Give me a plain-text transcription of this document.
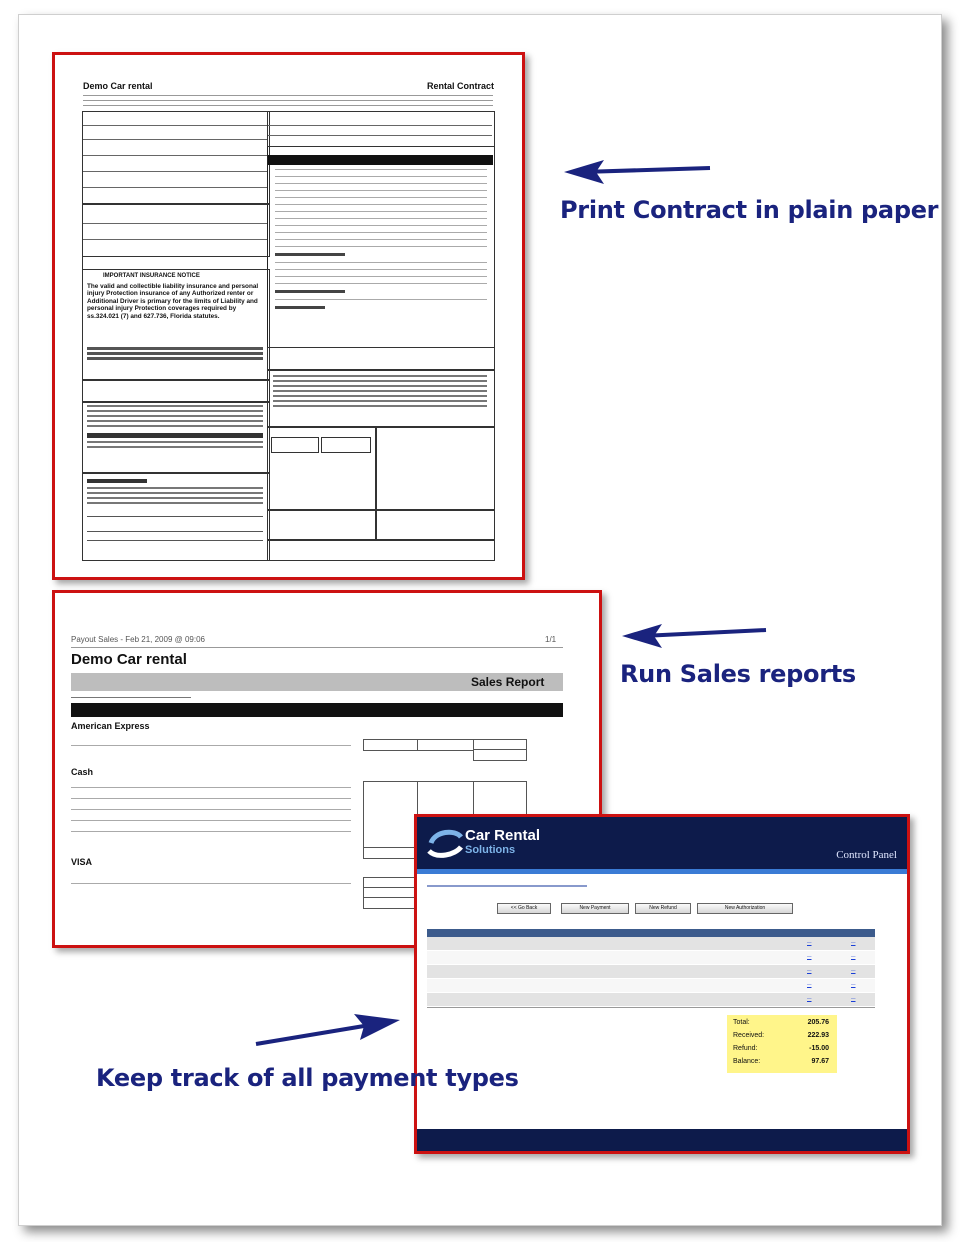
Demo Car rental	Rental Contract
IMPORTANT INSURANCE NOTICE
The valid and collectible liability insurance and personal injury Protection insurance of any Authorized renter or Additional Driver is primary for the limits of Liability and personal injury Protection coverages required by ss.324.021 (7) and 627.736, Florida statutes.
Payout Sales - Feb 21, 2009 @ 09:06	1/1
Demo Car rental
Sales Report
American Express
Cash
VISA
Car Rental
Solutions	Control Panel
<< Go Back	New Payment	New Refund	New Authorization
—	—
—	—
—	—
—	—
—	—
Total:	205.76
Received:	222.93
Refund:	-15.00
Balance:	97.67
Print Contract in plain paper
Run Sales reports
Keep track of all payment types
